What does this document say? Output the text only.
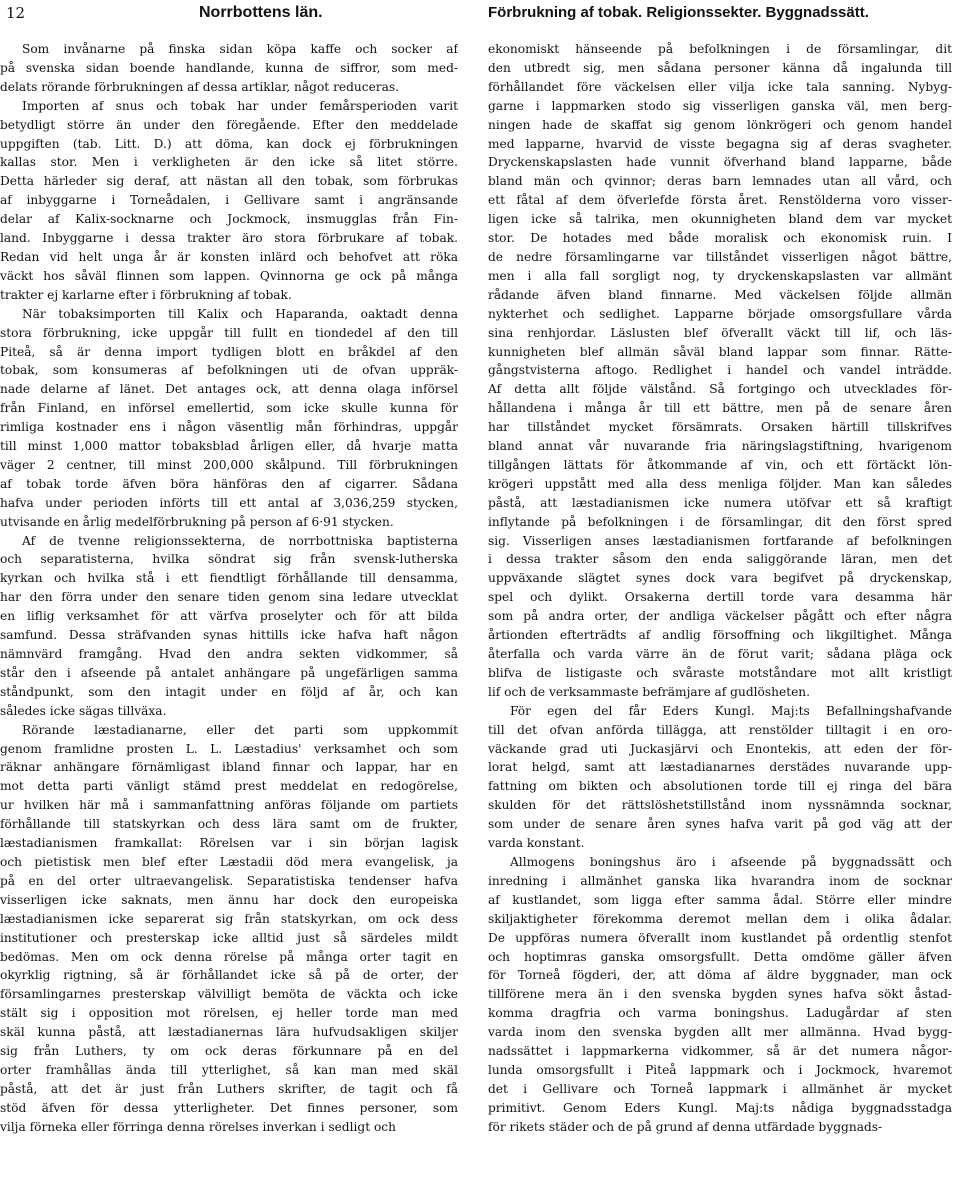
12	Norrbottens län.	Förbrukning af tobak. Religionssekter. Byggnadssätt.
Som invånarne på finska sidan köpa kaffe och socker af
på svenska sidan boende handlande, kunna de siffror, som med-
delats rörande förbrukningen af dessa artiklar, något reduceras.
Importen af snus och tobak har under femårsperioden varit
betydligt större än under den föregående. Efter den meddelade
uppgiften (tab. Litt. D.) att döma, kan dock ej förbrukningen
kallas stor. Men i verkligheten är den icke så litet större.
Detta härleder sig deraf, att nästan all den tobak, som förbrukas
af inbyggarne i Torneådalen, i Gellivare samt i angränsande
delar af Kalix-socknarne och Jockmock, insmugglas från Fin-
land. Inbyggarne i dessa trakter äro stora förbrukare af tobak.
Redan vid helt unga år är konsten inlärd och behofvet att röka
väckt hos såväl flinnen som lappen. Qvinnorna ge ock på många
trakter ej karlarne efter i förbrukning af tobak.
När tobaksimporten till Kalix och Haparanda, oaktadt denna
stora förbrukning, icke uppgår till fullt en tiondedel af den till
Piteå, så är denna import tydligen blott en bråkdel af den
tobak, som konsumeras af befolkningen uti de ofvan uppräk-
nade delarne af länet. Det antages ock, att denna olaga införsel
från Finland, en införsel emellertid, som icke skulle kunna för
rimliga kostnader ens i någon väsentlig mån förhindras, uppgår
till minst 1,000 mattor tobaksblad årligen eller, då hvarje matta
väger 2 centner, till minst 200,000 skålpund. Till förbrukningen
af tobak torde äfven böra hänföras den af cigarrer. Sådana
hafva under perioden införts till ett antal af 3,036,259 stycken,
utvisande en årlig medelförbrukning på person af 6·91 stycken.
Af de tvenne religionssekterna, de norrbottniska baptisterna
och separatisterna, hvilka söndrat sig från svensk-lutherska
kyrkan och hvilka stå i ett fiendtligt förhållande till densamma,
har den förra under den senare tiden genom sina ledare utvecklat
en liflig verksamhet för att värfva proselyter och för att bilda
samfund. Dessa sträfvanden synas hittills icke hafva haft någon
nämnvärd framgång. Hvad den andra sekten vidkommer, så
står den i afseende på antalet anhängare på ungefärligen samma
ståndpunkt, som den intagit under en följd af år, och kan
således icke sägas tillväxa.
Rörande læstadianarne, eller det parti som uppkommit
genom framlidne prosten L. L. Læstadius' verksamhet och som
räknar anhängare förnämligast ibland finnar och lappar, har en
mot detta parti vänligt stämd prest meddelat en redogörelse,
ur hvilken här må i sammanfattning anföras följande om partiets
förhållande till statskyrkan och dess lära samt om de frukter,
læstadianismen framkallat: Rörelsen var i sin början lagisk
och pietistisk men blef efter Læstadii död mera evangelisk, ja
på en del orter ultraevangelisk. Separatistiska tendenser hafva
visserligen icke saknats, men ännu har dock den europeiska
læstadianismen icke separerat sig från statskyrkan, om ock dess
institutioner och presterskap icke alltid just så särdeles mildt
bedömas. Men om ock denna rörelse på många orter tagit en
okyrklig rigtning, så är förhållandet icke så på de orter, der
församlingarnes presterskap välvilligt bemöta de väckta och icke
stält sig i opposition mot rörelsen, ej heller torde man med
skäl kunna påstå, att læstadianernas lära hufvudsakligen skiljer
sig från Luthers, ty om ock deras förkunnare på en del
orter framhållas ända till ytterlighet, så kan man med skäl
påstå, att det är just från Luthers skrifter, de tagit och få
stöd äfven för dessa ytterligheter. Det finnes personer, som
vilja förneka eller förringa denna rörelses inverkan i sedligt och
ekonomiskt hänseende på befolkningen i de församlingar, dit
den utbredt sig, men sådana personer känna då ingalunda till
förhållandet före väckelsen eller vilja icke tala sanning. Nybyg-
garne i lappmarken stodo sig visserligen ganska väl, men berg-
ningen hade de skaffat sig genom lönkrögeri och genom handel
med lapparne, hvarvid de visste begagna sig af deras svagheter.
Dryckenskapslasten hade vunnit öfverhand bland lapparne, både
bland män och qvinnor; deras barn lemnades utan all vård, och
ett fåtal af dem öfverlefde första året. Renstölderna voro visser-
ligen icke så talrika, men okunnigheten bland dem var mycket
stor. De hotades med både moralisk och ekonomisk ruin. I
de nedre församlingarne var tillståndet visserligen något bättre,
men i alla fall sorgligt nog, ty dryckenskapslasten var allmänt
rådande äfven bland finnarne. Med väckelsen följde allmän
nykterhet och sedlighet. Lapparne började omsorgsfullare vårda
sina renhjordar. Läslusten blef öfverallt väckt till lif, och läs-
kunnigheten blef allmän såväl bland lappar som finnar. Rätte-
gångstvisterna aftogo. Redlighet i handel och vandel inträdde.
Af detta allt följde välstånd. Så fortgingo och utvecklades för-
hållandena i många år till ett bättre, men på de senare åren
har tillståndet mycket försämrats. Orsaken härtill tillskrifves
bland annat vår nuvarande fria näringslagstiftning, hvarigenom
tillgången lättats för åtkommande af vin, och ett förtäckt lön-
krögeri uppstått med alla dess menliga följder. Man kan således
påstå, att læstadianismen icke numera utöfvar ett så kraftigt
inflytande på befolkningen i de församlingar, dit den först spred
sig. Visserligen anses læstadianismen fortfarande af befolkningen
i dessa trakter såsom den enda saliggörande läran, men det
uppväxande slägtet synes dock vara begifvet på dryckenskap,
spel och dylikt. Orsakerna dertill torde vara desamma här
som på andra orter, der andliga väckelser pågått och efter några
årtionden efterträdts af andlig försoffning och likgiltighet. Många
återfalla och varda värre än de förut varit; sådana pläga ock
blifva de listigaste och svåraste motståndare mot allt kristligt
lif och de verksammaste befrämjare af gudlösheten.
För egen del får Eders Kungl. Maj:ts Befallningshafvande
till det ofvan anförda tillägga, att renstölder tilltagit i en oro-
väckande grad uti Juckasjärvi och Enontekis, att eden der för-
lorat helgd, samt att læstadianarnes derstädes nuvarande upp-
fattning om bikten och absolutionen torde till ej ringa del bära
skulden för det rättslöshetstillstånd inom nyssnämnda socknar,
som under de senare åren synes hafva varit på god väg att der
varda konstant.
Allmogens boningshus äro i afseende på byggnadssätt och
inredning i allmänhet ganska lika hvarandra inom de socknar
af kustlandet, som ligga efter samma ådal. Större eller mindre
skiljaktigheter förekomma deremot mellan dem i olika ådalar.
De uppföras numera öfverallt inom kustlandet på ordentlig stenfot
och hoptimras ganska omsorgsfullt. Detta omdöme gäller äfven
för Torneå fögderi, der, att döma af äldre byggnader, man ock
tillförene mera än i den svenska bygden synes hafva sökt åstad-
komma dragfria och varma boningshus. Ladugårdar af sten
varda inom den svenska bygden allt mer allmänna. Hvad bygg-
nadssättet i lappmarkerna vidkommer, så är det numera någor-
lunda omsorgsfullt i Piteå lappmark och i Jockmock, hvaremot
det i Gellivare och Torneå lappmark i allmänhet är mycket
primitivt. Genom Eders Kungl. Maj:ts nådiga byggnadsstadga
för rikets städer och de på grund af denna utfärdade byggnads-
